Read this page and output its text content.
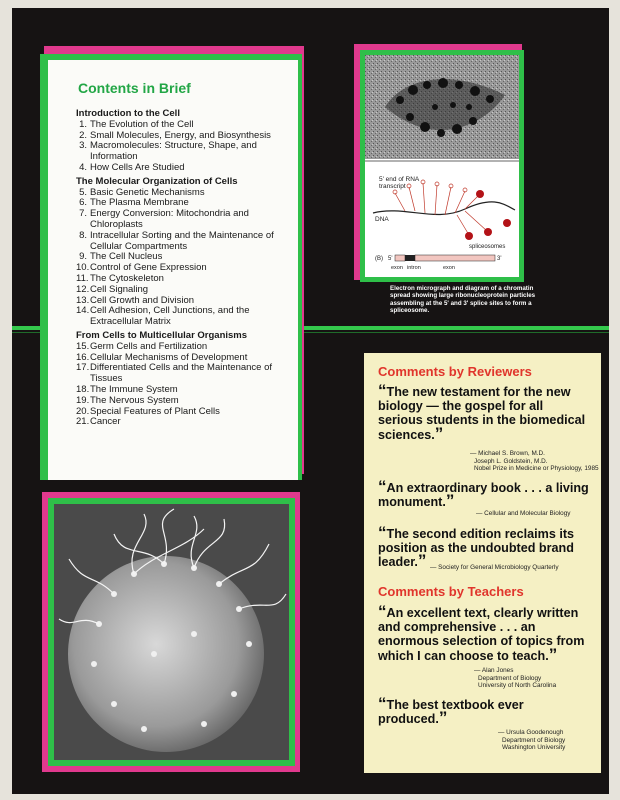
Contents in Brief
Introduction to the Cell
1. The Evolution of the Cell
2. Small Molecules, Energy, and Biosynthesis
3. Macromolecules: Structure, Shape, and Information
4. How Cells Are Studied
The Molecular Organization of Cells
5. Basic Genetic Mechanisms
6. The Plasma Membrane
7. Energy Conversion: Mitochondria and Chloroplasts
8. Intracellular Sorting and the Maintenance of Cellular Compartments
9. The Cell Nucleus
10. Control of Gene Expression
11. The Cytoskeleton
12. Cell Signaling
13. Cell Growth and Division
14. Cell Adhesion, Cell Junctions, and the Extracellular Matrix
From Cells to Multicellular Organisms
15. Germ Cells and Fertilization
16. Cellular Mechanisms of Development
17. Differentiated Cells and the Maintenance of Tissues
18. The Immune System
19. The Nervous System
20. Special Features of Plant Cells
21. Cancer
5' end of RNA
transcript
DNA
spliceosomes
(B) 5'	3'
exon intron	exon
Electron micrograph and diagram of a chromatin spread showing large ribonucleoprotein particles assembling at the 5' and 3' splice sites to form a spliceosome.
Comments by Reviewers
“The new testament for the new biology — the gospel for all serious students in the biomedical sciences.”
— Michael S. Brown, M.D.
Joseph L. Goldstein, M.D.
Nobel Prize in Medicine or Physiology, 1985
“An extraordinary book . . . a living monument.”
— Cellular and Molecular Biology
“The second edition reclaims its position as the undoubted brand leader.” — Society for General Microbiology Quarterly
Comments by Teachers
“An excellent text, clearly written and comprehensive . . . an enormous selection of topics from which I can choose to teach.”
— Alan Jones
Department of Biology
University of North Carolina
“The best textbook ever produced.”
— Ursula Goodenough
Department of Biology
Washington University
